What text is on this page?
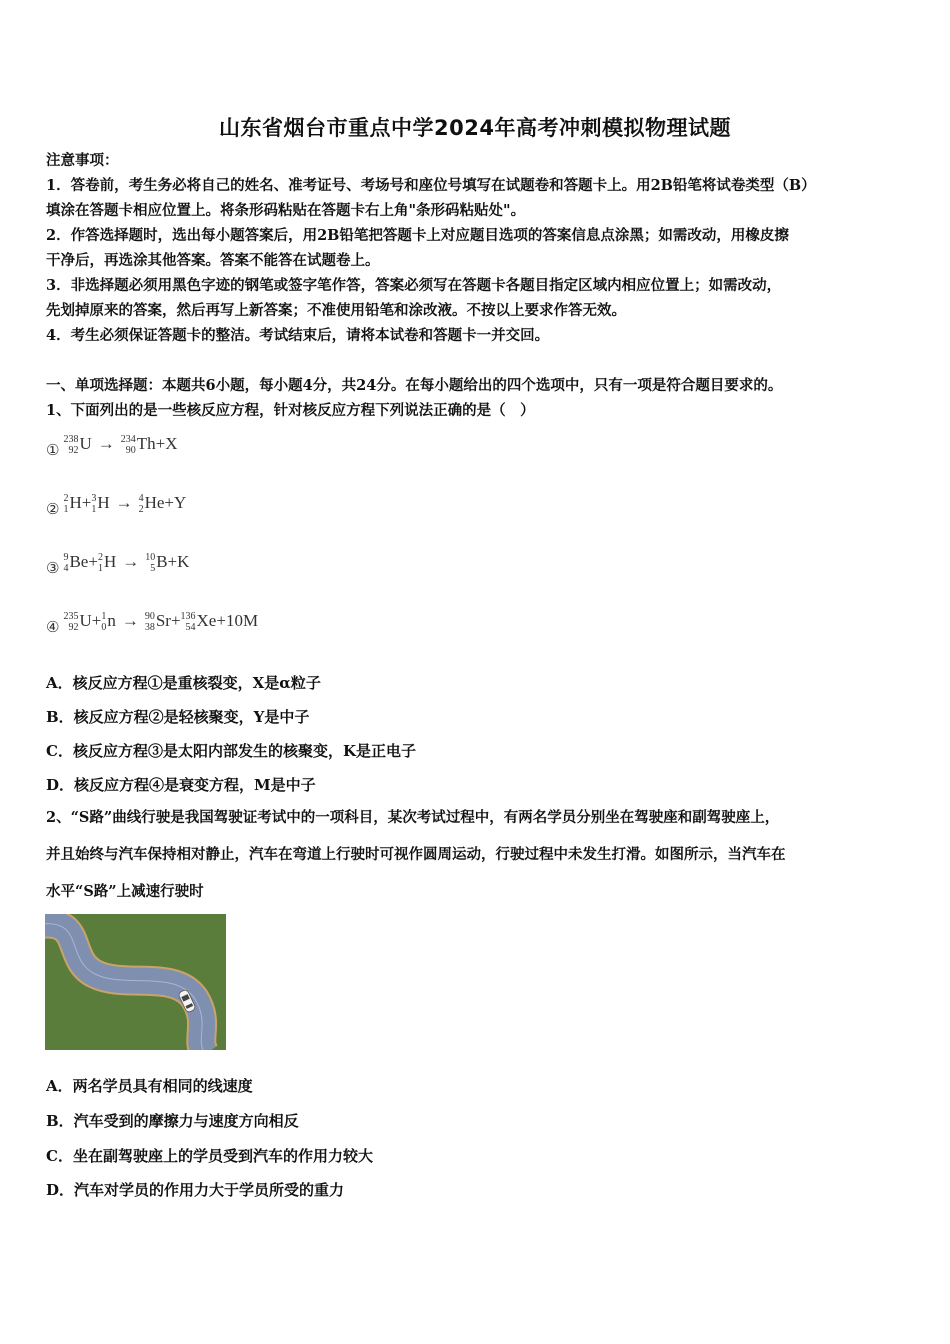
山东省烟台市重点中学2024年高考冲刺模拟物理试题
注意事项：
1．答卷前，考生务必将自己的姓名、准考证号、考场号和座位号填写在试题卷和答题卡上。用2B铅笔将试卷类型（B）
填涂在答题卡相应位置上。将条形码粘贴在答题卡右上角"条形码粘贴处"。
2．作答选择题时，选出每小题答案后，用2B铅笔把答题卡上对应题目选项的答案信息点涂黑；如需改动，用橡皮擦
干净后，再选涂其他答案。答案不能答在试题卷上。
3．非选择题必须用黑色字迹的钢笔或签字笔作答，答案必须写在答题卡各题目指定区域内相应位置上；如需改动，
先划掉原来的答案，然后再写上新答案；不准使用铅笔和涂改液。不按以上要求作答无效。
4．考生必须保证答题卡的整洁。考试结束后，请将本试卷和答题卡一并交回。
一、单项选择题：本题共6小题，每小题4分，共24分。在每小题给出的四个选项中，只有一项是符合题目要求的。
1、下面列出的是一些核反应方程，针对核反应方程下列说法正确的是（　）
①
238
92 U → 234
90 Th+X
②
2
1 H+ 3
1 H → 4
2 He+Y
③
9
4 Be+ 2
1 H → 10
5 B+K
④
235
92 U+ 1
0 n → 90
38 Sr+ 136
54 Xe+10M
A．核反应方程①是重核裂变，X是α粒子
B．核反应方程②是轻核聚变，Y是中子
C．核反应方程③是太阳内部发生的核聚变，K是正电子
D．核反应方程④是衰变方程，M是中子
2、“S路”曲线行驶是我国驾驶证考试中的一项科目，某次考试过程中，有两名学员分别坐在驾驶座和副驾驶座上，
并且始终与汽车保持相对静止，汽车在弯道上行驶时可视作圆周运动，行驶过程中未发生打滑。如图所示，当汽车在
水平“S路”上减速行驶时
A．两名学员具有相同的线速度
B．汽车受到的摩擦力与速度方向相反
C．坐在副驾驶座上的学员受到汽车的作用力较大
D．汽车对学员的作用力大于学员所受的重力
